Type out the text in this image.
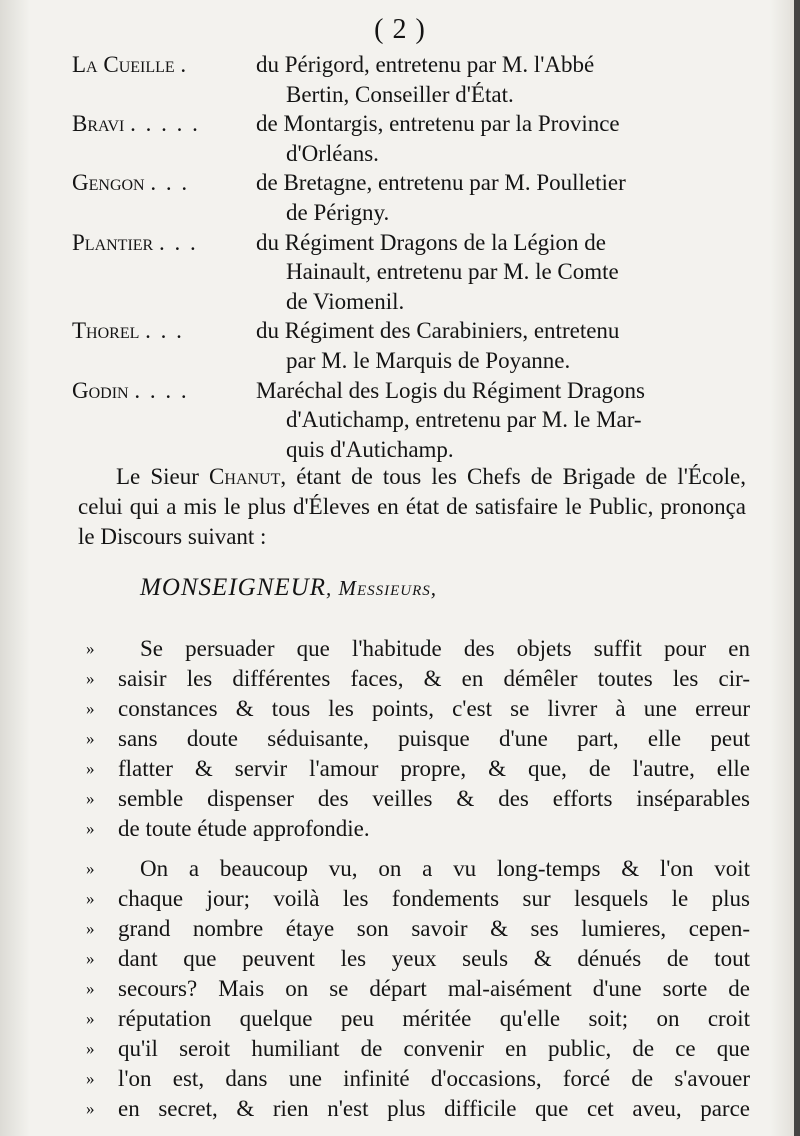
( 2 )
La Cueille .	du Périgord, entretenu par M. l'Abbé
Bertin, Conseiller d'État.
Bravi . . . . .	de Montargis, entretenu par la Province
d'Orléans.
Gengon . . .	de Bretagne, entretenu par M. Poulletier
de Périgny.
Plantier . . .	du Régiment Dragons de la Légion de
Hainault, entretenu par M. le Comte
de Viomenil.
Thorel . . .	du Régiment des Carabiniers, entretenu
par M. le Marquis de Poyanne.
Godin . . . .	Maréchal des Logis du Régiment Dragons
d'Autichamp, entretenu par M. le Mar-
quis d'Autichamp.

Le Sieur Chanut, étant de tous les Chefs de Brigade de l'École, celui qui a mis le plus d'Éleves en état de satisfaire le Public, prononça le Discours suivant :

MONSEIGNEUR, Messieurs,
»	Se persuader que l'habitude des objets suffit pour en
» saisir les différentes faces, & en démêler toutes les cir-
» constances & tous les points, c'est se livrer à une erreur
» sans doute séduisante, puisque d'une part, elle peut
» flatter & servir l'amour propre, & que, de l'autre, elle
» semble dispenser des veilles & des efforts inséparables
» de toute étude approfondie.
»	On a beaucoup vu, on a vu long-temps & l'on voit
» chaque jour; voilà les fondements sur lesquels le plus
» grand nombre étaye son savoir & ses lumieres, cepen-
» dant que peuvent les yeux seuls & dénués de tout
» secours? Mais on se départ mal-aisément d'une sorte de
» réputation quelque peu méritée qu'elle soit; on croit
» qu'il seroit humiliant de convenir en public, de ce que
» l'on est, dans une infinité d'occasions, forcé de s'avouer
» en secret, & rien n'est plus difficile que cet aveu, parce
